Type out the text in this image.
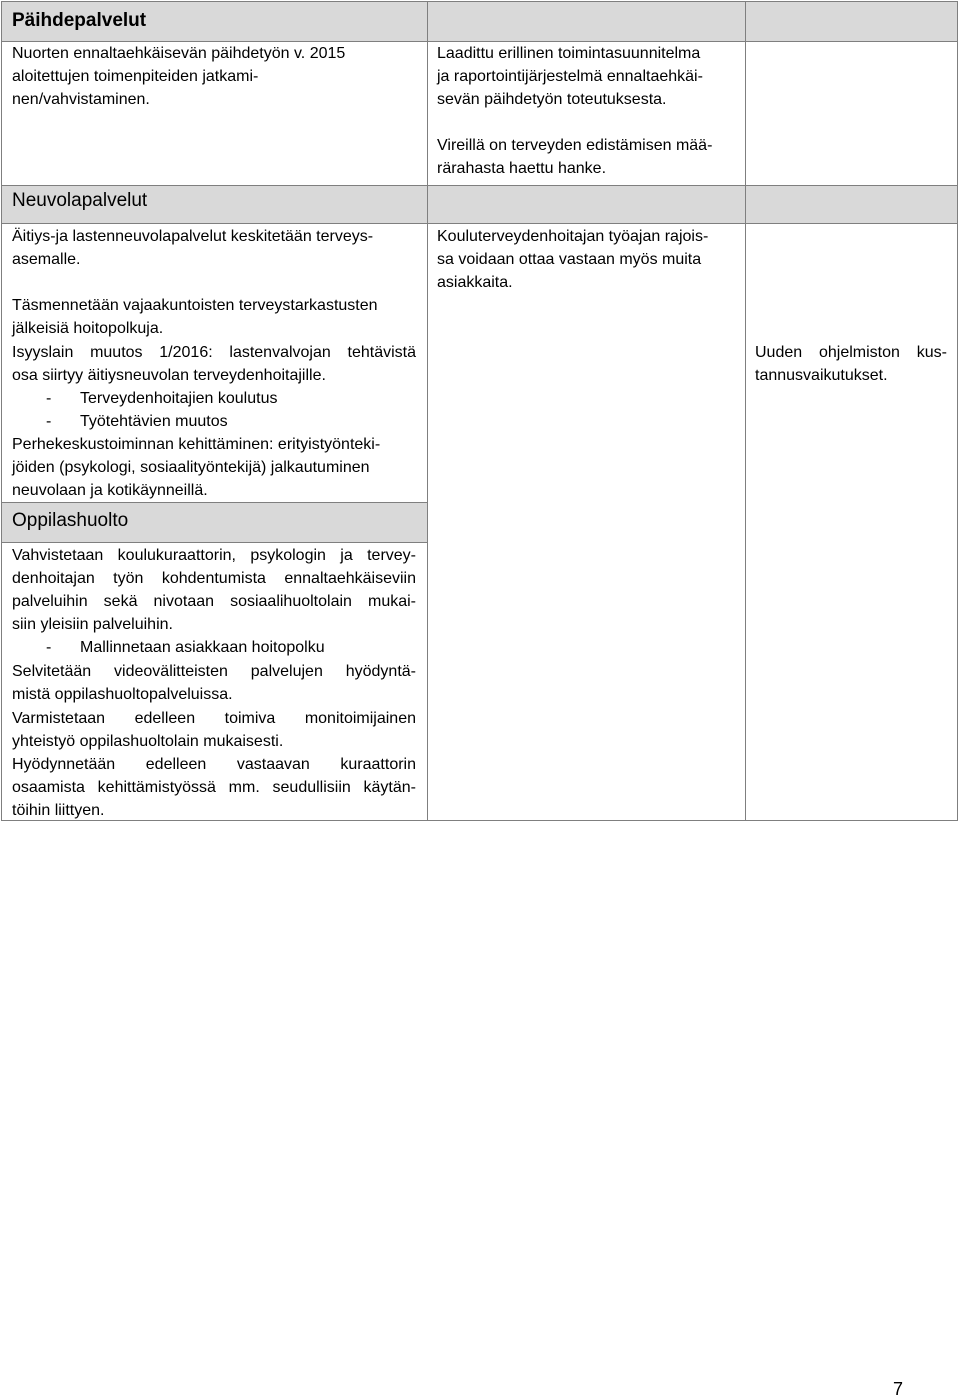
Päihdepalvelut
Nuorten ennaltaehkäisevän päihdetyön v. 2015
aloitettujen toimenpiteiden jatkami-
nen/vahvistaminen.
Laadittu erillinen toimintasuunnitelma
ja raportointijärjestelmä ennaltaehkäi-
sevän päihdetyön toteutuksesta.
Vireillä on terveyden edistämisen mää-
rärahasta haettu hanke.
Neuvolapalvelut
Äitiys-ja lastenneuvolapalvelut keskitetään terveys-
asemalle.
Täsmennetään vajaakuntoisten terveystarkastusten
jälkeisiä hoitopolkuja.
Isyyslain muutos 1/2016: lastenvalvojan tehtävistä
osa siirtyy äitiysneuvolan terveydenhoitajille.
- Terveydenhoitajien koulutus
- Työtehtävien muutos
Perhekeskustoiminnan kehittäminen: erityistyönteki-
jöiden (psykologi, sosiaalityöntekijä) jalkautuminen
neuvolaan ja kotikäynneillä.
Kouluterveydenhoitajan työajan rajois-
sa voidaan ottaa vastaan myös muita
asiakkaita.
Uuden ohjelmiston kus-
tannusvaikutukset.
Oppilashuolto
Vahvistetaan koulukuraattorin, psykologin ja tervey-
denhoitajan työn kohdentumista ennaltaehkäiseviin
palveluihin sekä nivotaan sosiaalihuoltolain mukai-
siin yleisiin palveluihin.
- Mallinnetaan asiakkaan hoitopolku
Selvitetään videovälitteisten palvelujen hyödyntä-
mistä oppilashuoltopalveluissa.
Varmistetaan edelleen toimiva monitoimijainen
yhteistyö oppilashuoltolain mukaisesti.
Hyödynnetään edelleen vastaavan kuraattorin
osaamista kehittämistyössä mm. seudullisiin käytän-
töihin liittyen.
7
